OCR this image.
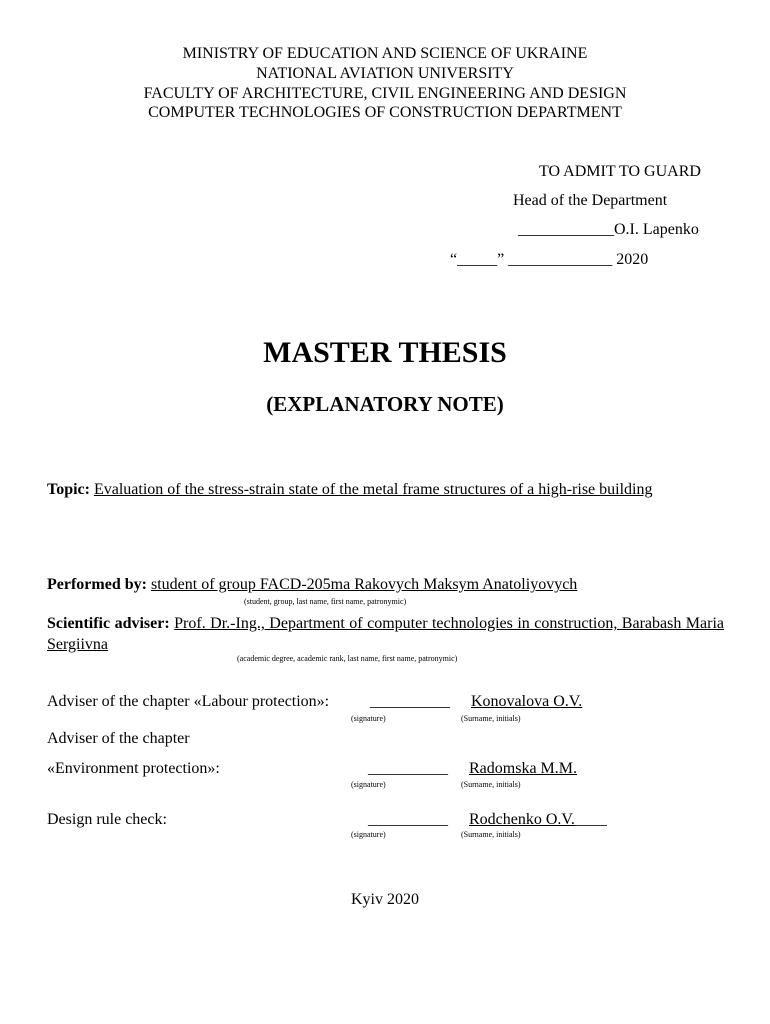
MINISTRY OF EDUCATION AND SCIENCE OF UKRAINE
NATIONAL AVIATION UNIVERSITY
FACULTY OF ARCHITECTURE, CIVIL ENGINEERING AND DESIGN
COMPUTER TECHNOLOGIES OF CONSTRUCTION DEPARTMENT
TO ADMIT TO GUARD
Head of the Department
____________O.I. Lapenko
“_____” _____________ 2020
MASTER THESIS
(EXPLANATORY NOTE)
Topic: Evaluation of the stress-strain state of the metal frame structures of a high-rise building
Performed by: student of group FACD-205ma Rakovych Maksym Anatoliyovych
(student, group, last name, first name, patronymic)
Scientific adviser: Prof. Dr.-Ing., Department of computer technologies in construction, Barabash Maria Sergiivna
(academic degree, academic rank, last name, first name, patronymic)
Adviser of the chapter «Labour protection»:	__________ Konovalova O.V.
(signature)	(Surname, initials)
Adviser of the chapter
«Environment protection»:	__________ Radomska M.M.
(signature)	(Surname, initials)
Design rule check:	__________ Rodchenko O.V.____
(signature)	(Surname, initials)
Kyiv 2020
